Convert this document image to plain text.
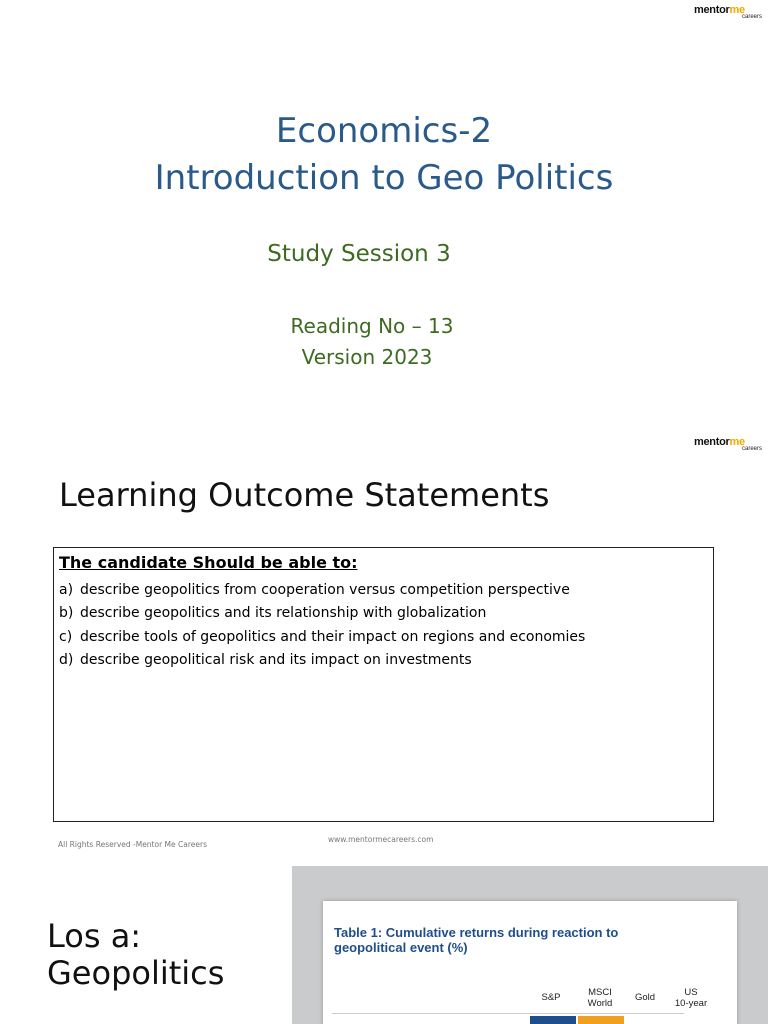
mentorme
careers
Economics-2
Introduction to Geo Politics
Study Session 3
Reading No – 13
Version 2023
mentorme
careers
Learning Outcome Statements
The candidate Should be able to:
a) describe geopolitics from cooperation versus competition perspective
b) describe geopolitics and its relationship with globalization
c) describe tools of geopolitics and their impact on regions and economies
d) describe geopolitical risk and its impact on investments
All Rights Reserved -Mentor Me Careers
www.mentormecareers.com
Los a:
Geopolitics
Table 1: Cumulative returns during reaction to geopolitical event (%)
S&P	MSCI
World
Gold	US
10-year
